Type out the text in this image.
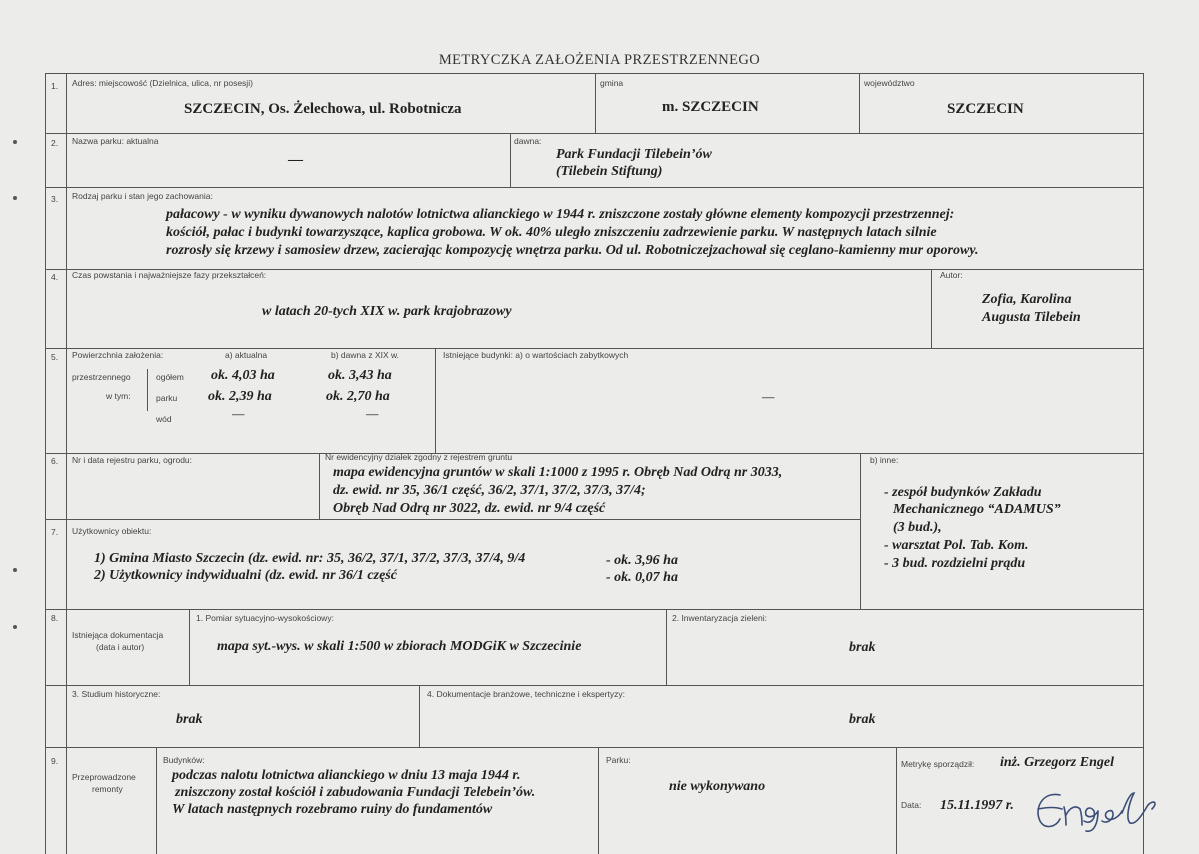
METRYCZKA ZAŁOŻENIA PRZESTRZENNEGO
1. Adres: miejscowość (Dzielnica, ulica, nr posesji)
SZCZECIN, Os. Żelechowa, ul. Robotnicza
gmina
m. SZCZECIN
województwo
SZCZECIN
2. Nazwa parku: aktualna
—
dawna:
Park Fundacji Tilebein’ów
(Tilebein Stiftung)
3. Rodzaj parku i stan jego zachowania:
pałacowy - w wyniku dywanowych nalotów lotnictwa alianckiego w 1944 r. zniszczone zostały główne elementy kompozycji przestrzennej:
kościół, pałac i budynki towarzyszące, kaplica grobowa. W ok. 40% uległo zniszczeniu zadrzewienie parku. W następnych latach silnie
rozrosły się krzewy i samosiew drzew, zacierając kompozycję wnętrza parku. Od ul. Robotniczejzachował się ceglano-kamienny mur oporowy.
4. Czas powstania i najważniejsze fazy przekształceń:
w latach 20-tych XIX w. park krajobrazowy
Autor:
Zofia, Karolina
Augusta Tilebein
5. Powierzchnia założenia:	a) aktualna	b) dawna z XIX w.
przestrzennego
w tym:
ogółem
parku
wód
ok. 4,03 ha	ok. 3,43 ha
ok. 2,39 ha	ok. 2,70 ha
—	—
Istniejące budynki: a) o wartościach zabytkowych
—
6. Nr i data rejestru parku, ogrodu:	Nr ewidencyjny działek zgodny z rejestrem gruntu
mapa ewidencyjna gruntów w skali 1:1000 z 1995 r. Obręb Nad Odrą nr 3033,
dz. ewid. nr 35, 36/1 część, 36/2, 37/1, 37/2, 37/3, 37/4;
Obręb Nad Odrą nr 3022, dz. ewid. nr 9/4 część
b) inne:
- zespół budynków Zakładu
Mechanicznego “ADAMUS”
(3 bud.),
- warsztat Pol. Tab. Kom.
- 3 bud. rozdzielni prądu
7. Użytkownicy obiektu:
1) Gmina Miasto Szczecin (dz. ewid. nr: 35, 36/2, 37/1, 37/2, 37/3, 37/4, 9/4	- ok. 3,96 ha
2) Użytkownicy indywidualni (dz. ewid. nr 36/1 część	- ok. 0,07 ha
8.
Istniejąca dokumentacja
(data i autor)
1. Pomiar sytuacyjno-wysokościowy:
mapa syt.-wys. w skali 1:500 w zbiorach MODGiK w Szczecinie
2. Inwentaryzacja zieleni:
brak
3. Studium historyczne:
brak
4. Dokumentacje branżowe, techniczne i ekspertyzy:
brak
9.
Przeprowadzone
remonty
Budynków:
podczas nalotu lotnictwa alianckiego w dniu 13 maja 1944 r.
zniszczony został kościół i zabudowania Fundacji Telebein’ów.
W latach następnych rozebramo ruiny do fundamentów
Parku:
nie wykonywano
Metrykę sporządził: inż. Grzegorz Engel
Data: 15.11.1997 r.
